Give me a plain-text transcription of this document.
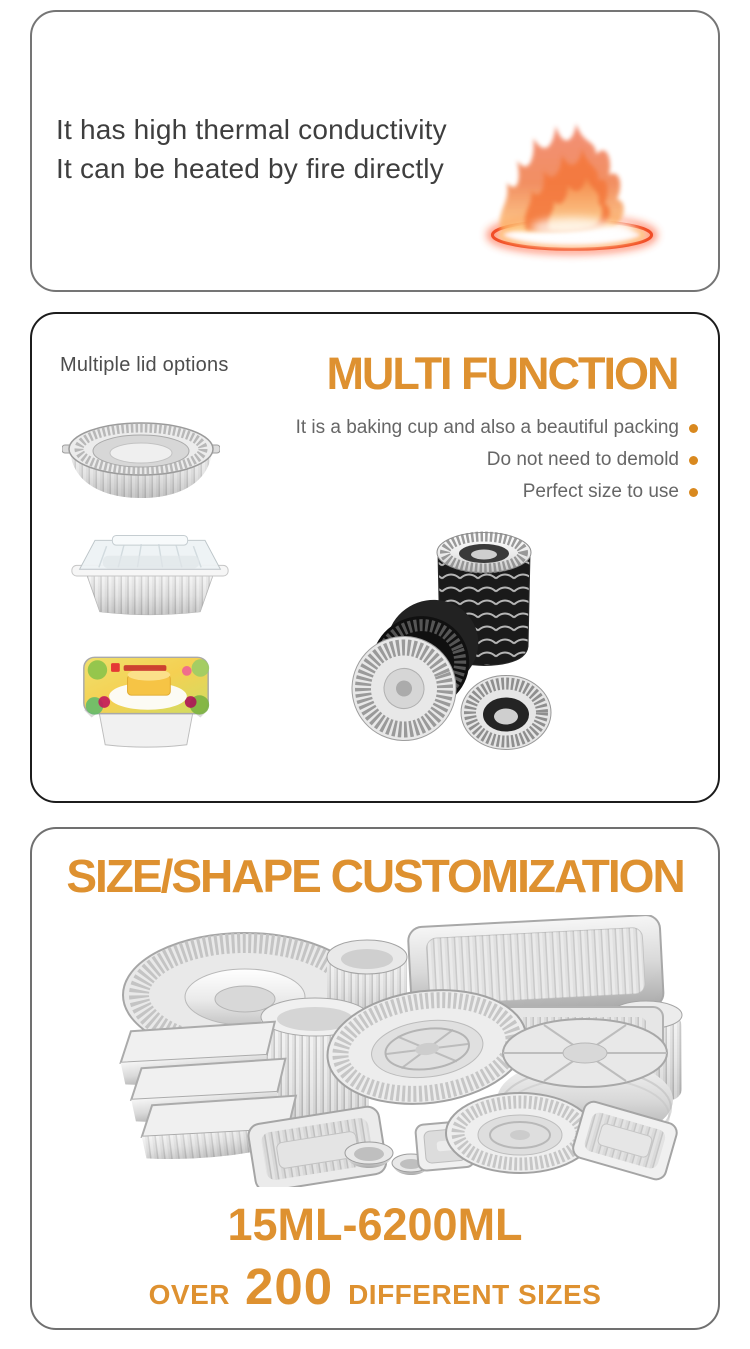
It has high thermal conductivity
It can be heated by fire directly
Multiple lid options	MULTI FUNCTION
It is a baking cup and also a beautiful packing
Do not need to demold
Perfect size to use
SIZE/SHAPE CUSTOMIZATION
15ML-6200ML
OVER 200 DIFFERENT SIZES
